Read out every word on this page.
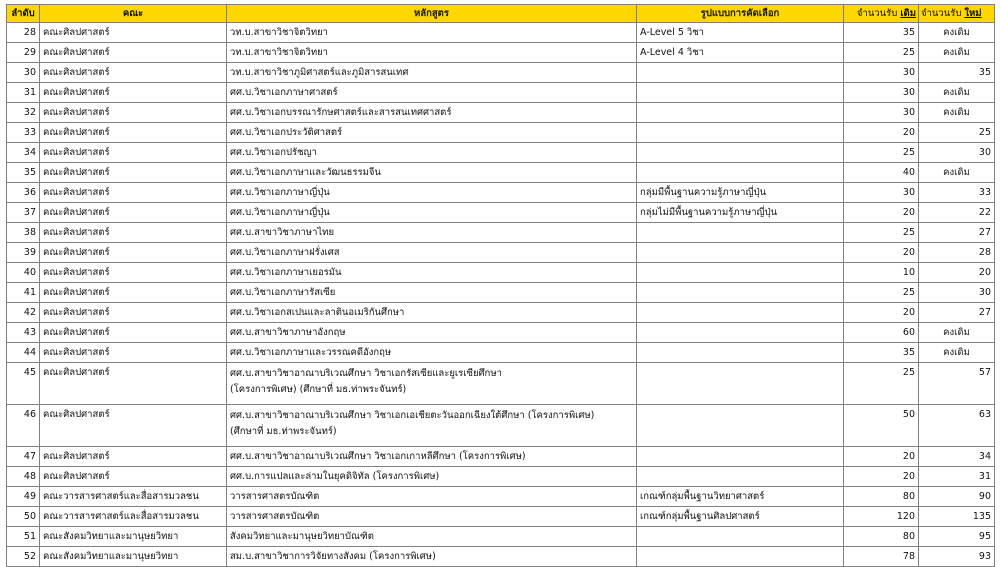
ลำดับ	คณะ	หลักสูตร	รูปแบบการคัดเลือก	จำนวนรับ เดิม	จำนวนรับ ใหม่
28	คณะศิลปศาสตร์	วท.บ.สาขาวิชาจิตวิทยา	A-Level 5 วิชา	35	คงเดิม
29	คณะศิลปศาสตร์	วท.บ.สาขาวิชาจิตวิทยา	A-Level 4 วิชา	25	คงเดิม
30	คณะศิลปศาสตร์	วท.บ.สาขาวิชาภูมิศาสตร์และภูมิสารสนเทศ		30	35
31	คณะศิลปศาสตร์	ศศ.บ.วิชาเอกภาษาศาสตร์		30	คงเดิม
32	คณะศิลปศาสตร์	ศศ.บ.วิชาเอกบรรณารักษศาสตร์และสารสนเทศศาสตร์		30	คงเดิม
33	คณะศิลปศาสตร์	ศศ.บ.วิชาเอกประวัติศาสตร์		20	25
34	คณะศิลปศาสตร์	ศศ.บ.วิชาเอกปรัชญา		25	30
35	คณะศิลปศาสตร์	ศศ.บ.วิชาเอกภาษาและวัฒนธรรมจีน		40	คงเดิม
36	คณะศิลปศาสตร์	ศศ.บ.วิชาเอกภาษาญี่ปุ่น	กลุ่มมีพื้นฐานความรู้ภาษาญี่ปุ่น	30	33
37	คณะศิลปศาสตร์	ศศ.บ.วิชาเอกภาษาญี่ปุ่น	กลุ่มไม่มีพื้นฐานความรู้ภาษาญี่ปุ่น	20	22
38	คณะศิลปศาสตร์	ศศ.บ.สาขาวิชาภาษาไทย		25	27
39	คณะศิลปศาสตร์	ศศ.บ.วิชาเอกภาษาฝรั่งเศส		20	28
40	คณะศิลปศาสตร์	ศศ.บ.วิชาเอกภาษาเยอรมัน		10	20
41	คณะศิลปศาสตร์	ศศ.บ.วิชาเอกภาษารัสเซีย		25	30
42	คณะศิลปศาสตร์	ศศ.บ.วิชาเอกสเปนและลาตินอเมริกันศึกษา		20	27
43	คณะศิลปศาสตร์	ศศ.บ.สาขาวิชาภาษาอังกฤษ		60	คงเดิม
44	คณะศิลปศาสตร์	ศศ.บ.วิชาเอกภาษาและวรรณคดีอังกฤษ		35	คงเดิม
45	คณะศิลปศาสตร์	ศศ.บ.สาขาวิชาอาณาบริเวณศึกษา วิชาเอกรัสเซียและยูเรเซียศึกษา
(โครงการพิเศษ) (ศึกษาที่ มธ.ท่าพระจันทร์)		25	57
46	คณะศิลปศาสตร์	ศศ.บ.สาขาวิชาอาณาบริเวณศึกษา วิชาเอกเอเชียตะวันออกเฉียงใต้ศึกษา (โครงการพิเศษ)
(ศึกษาที่ มธ.ท่าพระจันทร์)		50	63
47	คณะศิลปศาสตร์	ศศ.บ.สาขาวิชาอาณาบริเวณศึกษา วิชาเอกเกาหลีศึกษา (โครงการพิเศษ)		20	34
48	คณะศิลปศาสตร์	ศศ.บ.การแปลและล่ามในยุคดิจิทัล (โครงการพิเศษ)		20	31
49	คณะวารสารศาสตร์และสื่อสารมวลชน	วารสารศาสตรบัณฑิต	เกณฑ์กลุ่มพื้นฐานวิทยาศาสตร์	80	90
50	คณะวารสารศาสตร์และสื่อสารมวลชน	วารสารศาสตรบัณฑิต	เกณฑ์กลุ่มพื้นฐานศิลปศาสตร์	120	135
51	คณะสังคมวิทยาและมานุษยวิทยา	สังคมวิทยาและมานุษยวิทยาบัณฑิต		80	95
52	คณะสังคมวิทยาและมานุษยวิทยา	สม.บ.สาขาวิชาการวิจัยทางสังคม (โครงการพิเศษ)		78	93
